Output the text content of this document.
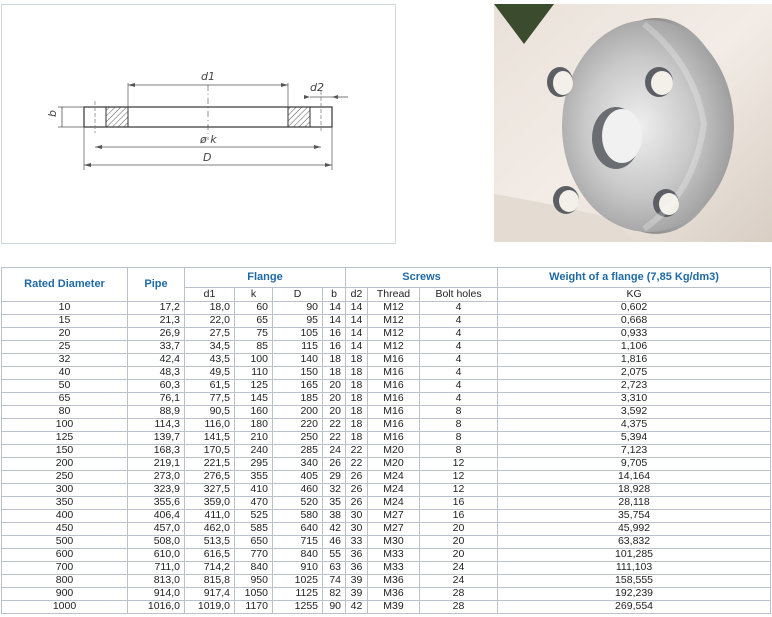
d1
d2
b
ø k
D
Rated Diameter	Pipe	Flange				Screws			Weight of a flange (7,85 Kg/dm3)
		d1	k	D	b	d2	Thread	Bolt holes	KG
10	17,2	18,0	60	90	14	14	M12	4	0,602
15	21,3	22,0	65	95	14	14	M12	4	0,668
20	26,9	27,5	75	105	16	14	M12	4	0,933
25	33,7	34,5	85	115	16	14	M12	4	1,106
32	42,4	43,5	100	140	18	18	M16	4	1,816
40	48,3	49,5	110	150	18	18	M16	4	2,075
50	60,3	61,5	125	165	20	18	M16	4	2,723
65	76,1	77,5	145	185	20	18	M16	4	3,310
80	88,9	90,5	160	200	20	18	M16	8	3,592
100	114,3	116,0	180	220	22	18	M16	8	4,375
125	139,7	141,5	210	250	22	18	M16	8	5,394
150	168,3	170,5	240	285	24	22	M20	8	7,123
200	219,1	221,5	295	340	26	22	M20	12	9,705
250	273,0	276,5	355	405	29	26	M24	12	14,164
300	323,9	327,5	410	460	32	26	M24	12	18,928
350	355,6	359,0	470	520	35	26	M24	16	28,118
400	406,4	411,0	525	580	38	30	M27	16	35,754
450	457,0	462,0	585	640	42	30	M27	20	45,992
500	508,0	513,5	650	715	46	33	M30	20	63,832
600	610,0	616,5	770	840	55	36	M33	20	101,285
700	711,0	714,2	840	910	63	36	M33	24	111,103
800	813,0	815,8	950	1025	74	39	M36	24	158,555
900	914,0	917,4	1050	1125	82	39	M36	28	192,239
1000	1016,0	1019,0	1170	1255	90	42	M39	28	269,554
